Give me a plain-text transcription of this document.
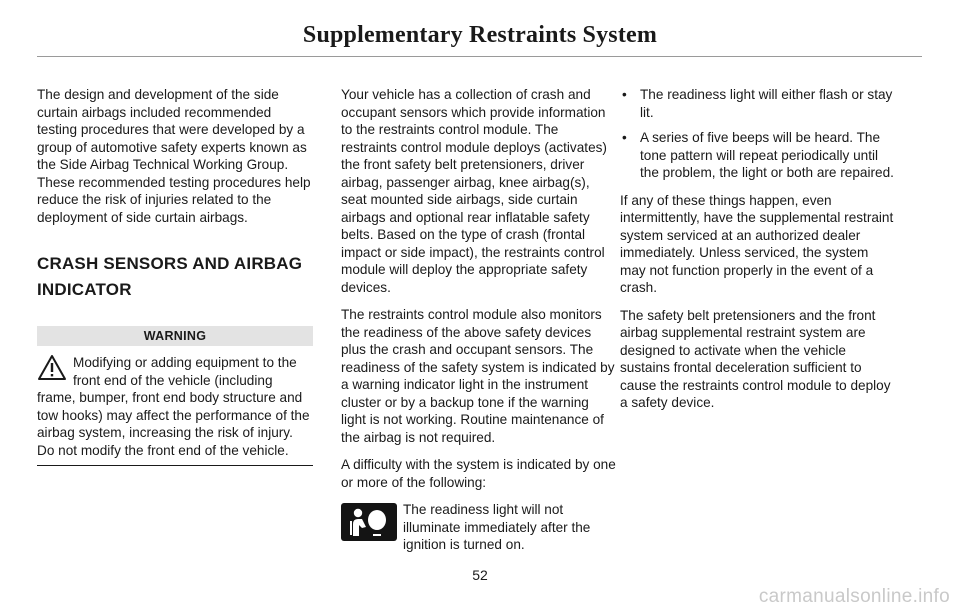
Supplementary Restraints System

The design and development of the side curtain airbags included recommended testing procedures that were developed by a group of automotive safety experts known as the Side Airbag Technical Working Group. These recommended testing procedures help reduce the risk of injuries related to the deployment of side curtain airbags.

CRASH SENSORS AND AIRBAG INDICATOR
WARNING
Modifying or adding equipment to the front end of the vehicle (including frame, bumper, front end body structure and tow hooks) may affect the performance of the airbag system, increasing the risk of injury. Do not modify the front end of the vehicle.

Your vehicle has a collection of crash and occupant sensors which provide information to the restraints control module. The restraints control module deploys (activates) the front safety belt pretensioners, driver airbag, passenger airbag, knee airbag(s), seat mounted side airbags, side curtain airbags and optional rear inflatable safety belts. Based on the type of crash (frontal impact or side impact), the restraints control module will deploy the appropriate safety devices.

The restraints control module also monitors the readiness of the above safety devices plus the crash and occupant sensors. The readiness of the safety system is indicated by a warning indicator light in the instrument cluster or by a backup tone if the warning light is not working. Routine maintenance of the airbag is not required.

A difficulty with the system is indicated by one or more of the following:

The readiness light will not illuminate immediately after the ignition is turned on.
• The readiness light will either flash or stay lit.
• A series of five beeps will be heard. The tone pattern will repeat periodically until the problem, the light or both are repaired.

If any of these things happen, even intermittently, have the supplemental restraint system serviced at an authorized dealer immediately. Unless serviced, the system may not function properly in the event of a crash.

The safety belt pretensioners and the front airbag supplemental restraint system are designed to activate when the vehicle sustains frontal deceleration sufficient to cause the restraints control module to deploy a safety device.

52
carmanualsonline.info
